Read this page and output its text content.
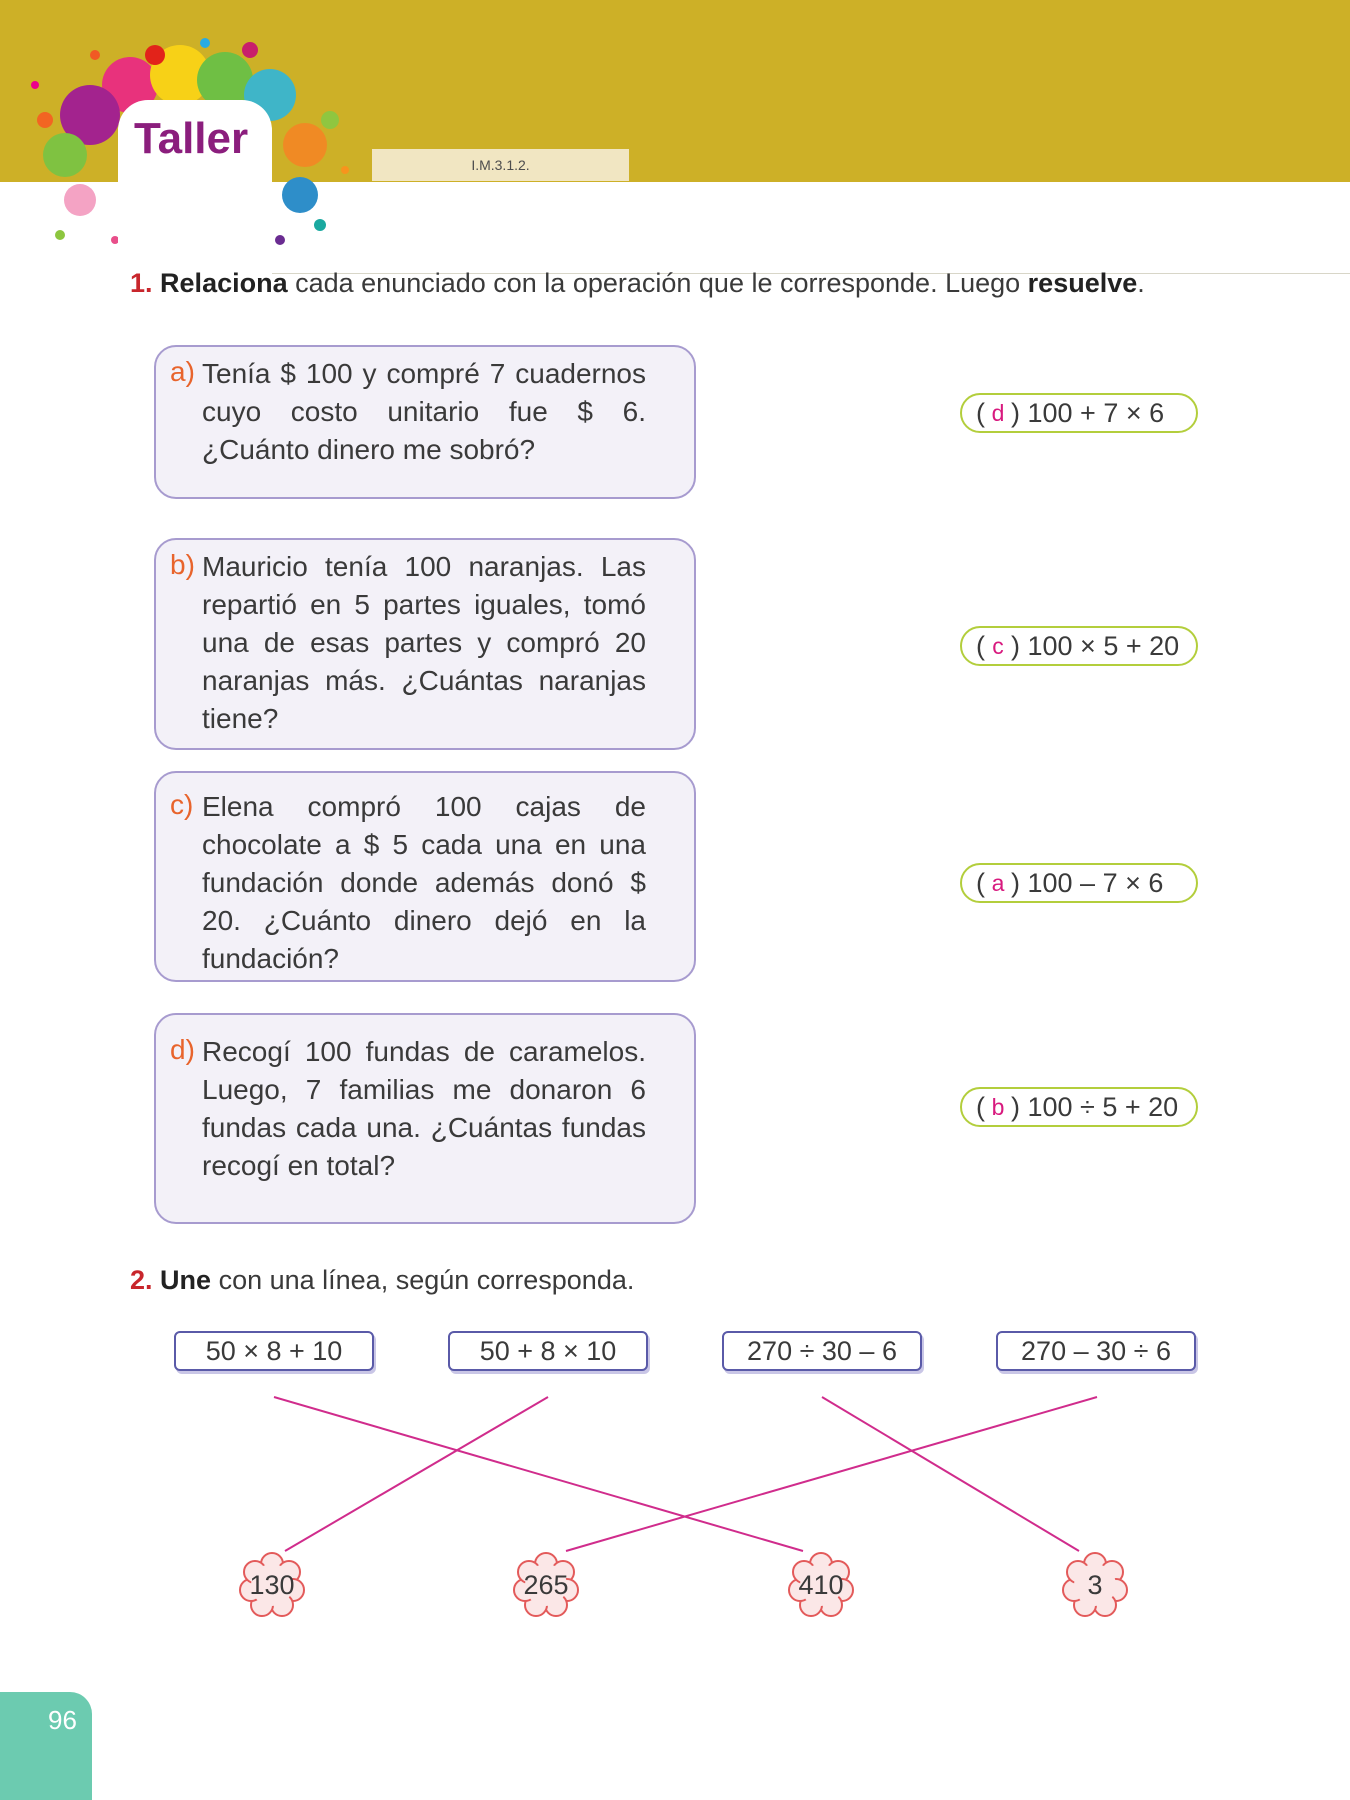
Taller
I.M.3.1.2.
1. Relaciona cada enunciado con la operación que le corresponde. Luego resuelve.
a) Tenía $ 100 y compré 7 cuadernos cuyo costo unitario fue $ 6. ¿Cuánto dinero me sobró?
b) Mauricio tenía 100 naranjas. Las repartió en 5 partes iguales, tomó una de esas partes y compró 20 naranjas más. ¿Cuántas naranjas tiene?
c) Elena compró 100 cajas de chocolate a $ 5 cada una en una fundación donde además donó $ 20. ¿Cuánto dinero dejó en la fundación?
d) Recogí 100 fundas de caramelos. Luego, 7 familias me donaron 6 fundas cada una. ¿Cuántas fundas recogí en total?
( d ) 100 + 7 × 6
( c ) 100 × 5 + 20
( a ) 100 – 7 × 6
( b ) 100 ÷ 5 + 20
2. Une con una línea, según corresponda.
50 × 8 + 10	50 + 8 × 10	270 ÷ 30 – 6	270 – 30 ÷ 6
130	265	410	3
96
